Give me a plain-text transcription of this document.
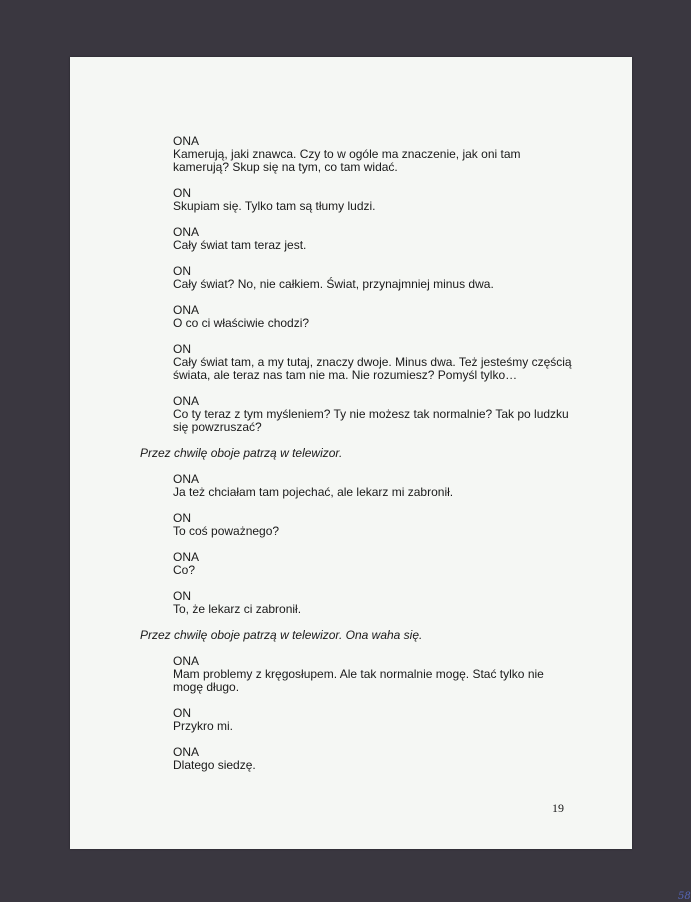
ONA
Kamerują, jaki znawca. Czy to w ogóle ma znaczenie, jak oni tam kamerują? Skup się na tym, co tam widać.
ON
Skupiam się. Tylko tam są tłumy ludzi.
ONA
Cały świat tam teraz jest.
ON
Cały świat? No, nie całkiem. Świat, przynajmniej minus dwa.
ONA
O co ci właściwie chodzi?
ON
Cały świat tam, a my tutaj, znaczy dwoje. Minus dwa. Też jesteśmy częścią świata, ale teraz nas tam nie ma. Nie rozumiesz? Pomyśl tylko…
ONA
Co ty teraz z tym myśleniem? Ty nie możesz tak normalnie? Tak po ludzku się powzruszać?
Przez chwilę oboje patrzą w telewizor.
ONA
Ja też chciałam tam pojechać, ale lekarz mi zabronił.
ON
To coś poważnego?
ONA
Co?
ON
To, że lekarz ci zabronił.
Przez chwilę oboje patrzą w telewizor. Ona waha się.
ONA
Mam problemy z kręgosłupem. Ale tak normalnie mogę. Stać tylko nie mogę długo.
ON
Przykro mi.
ONA
Dlatego siedzę.
19
58
